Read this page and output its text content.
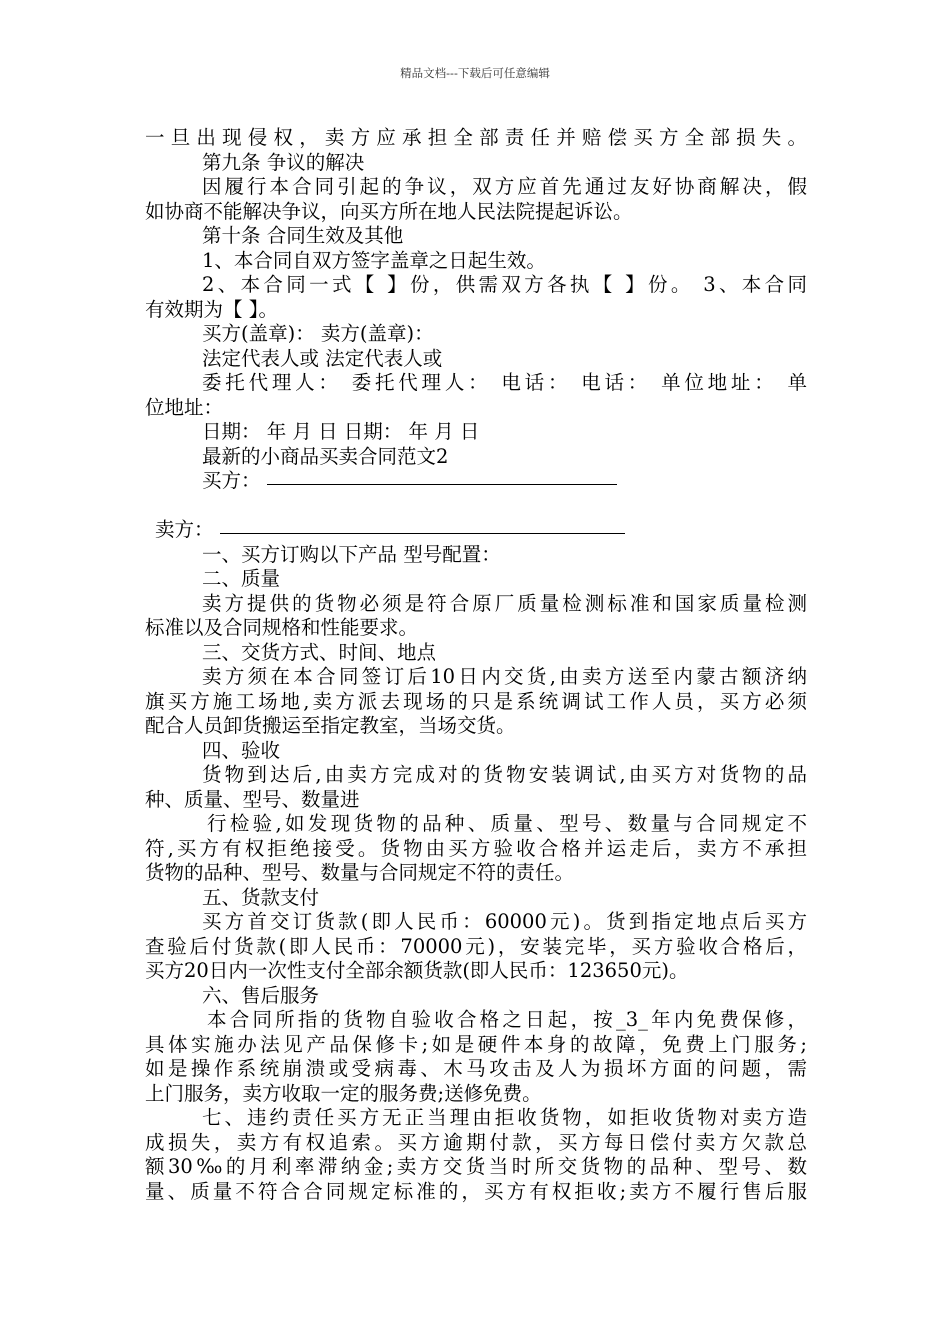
精品文档---下载后可任意编辑
一旦出现侵权，卖方应承担全部责任并赔偿买方全部损失。
第九条 争议的解决
因履行本合同引起的争议，双方应首先通过友好协商解决，假
如协商不能解决争议，向买方所在地人民法院提起诉讼。
第十条 合同生效及其他
1、本合同自双方签字盖章之日起生效。
2、本合同一式【 】份，供需双方各执【 】份。 3、本合同
有效期为【 】。
买方(盖章)： 卖方(盖章)：
法定代表人或 法定代表人或
委托代理人： 委托代理人： 电话： 电话： 单位地址： 单
位地址：
日期： 年 月 日 日期： 年 月 日
最新的小商品买卖合同范文2
买方：
卖方：
一、买方订购以下产品 型号配置：
二、质量
卖方提供的货物必须是符合原厂质量检测标准和国家质量检测
标准以及合同规格和性能要求。
三、交货方式、时间、地点
卖方须在本合同签订后10日内交货,由卖方送至内蒙古额济纳
旗买方施工场地,卖方派去现场的只是系统调试工作人员，买方必须
配合人员卸货搬运至指定教室，当场交货。
四、验收
货物到达后,由卖方完成对的货物安装调试,由买方对货物的品
种、质量、型号、数量进
行检验,如发现货物的品种、质量、型号、数量与合同规定不
符,买方有权拒绝接受。货物由买方验收合格并运走后，卖方不承担
货物的品种、型号、数量与合同规定不符的责任。
五、货款支付
买方首交订货款(即人民币：60000元)。货到指定地点后买方
查验后付货款(即人民币：70000元)，安装完毕，买方验收合格后，
买方20日内一次性支付全部余额货款(即人民币：123650元)。
六、售后服务
本合同所指的货物自验收合格之日起，按_3_年内免费保修，
具体实施办法见产品保修卡;如是硬件本身的故障，免费上门服务;
如是操作系统崩溃或受病毒、木马攻击及人为损坏方面的问题，需
上门服务，卖方收取一定的服务费;送修免费。
七、违约责任买方无正当理由拒收货物，如拒收货物对卖方造
成损失，卖方有权追索。买方逾期付款，买方每日偿付卖方欠款总
额30‰的月利率滞纳金;卖方交货当时所交货物的品种、型号、数
量、质量不符合合同规定标准的，买方有权拒收;卖方不履行售后服
